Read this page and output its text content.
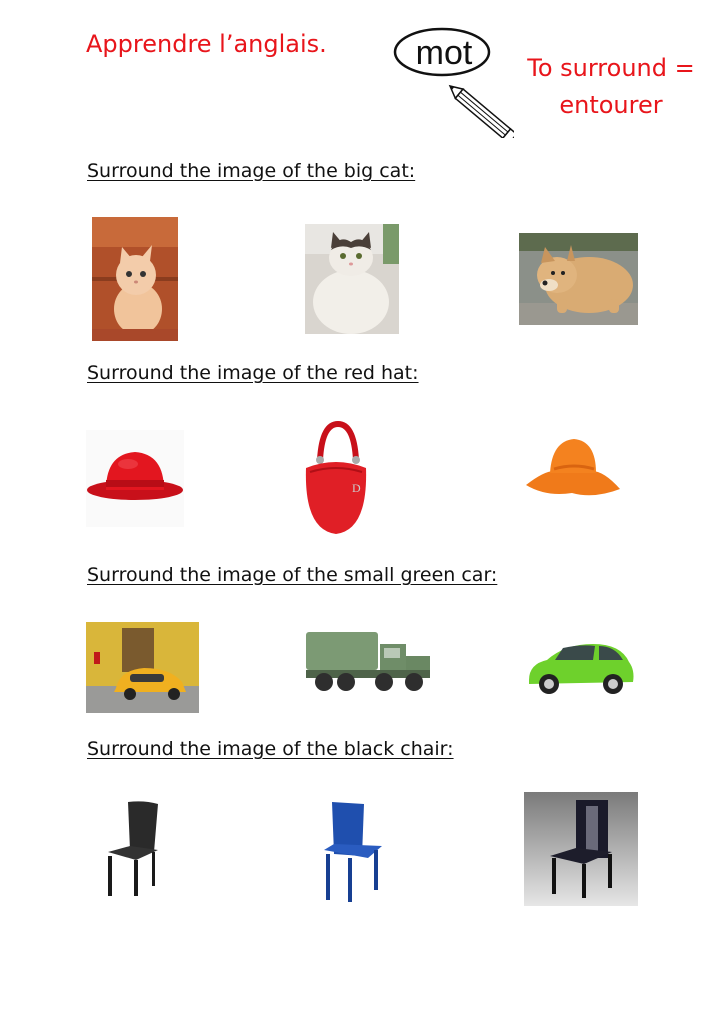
Apprendre l’anglais.	mot	To surround =
entourer
Surround the image of the big cat:
Surround the image of the red hat:
D
Surround the image of the small green car:
Surround the image of the black chair:
